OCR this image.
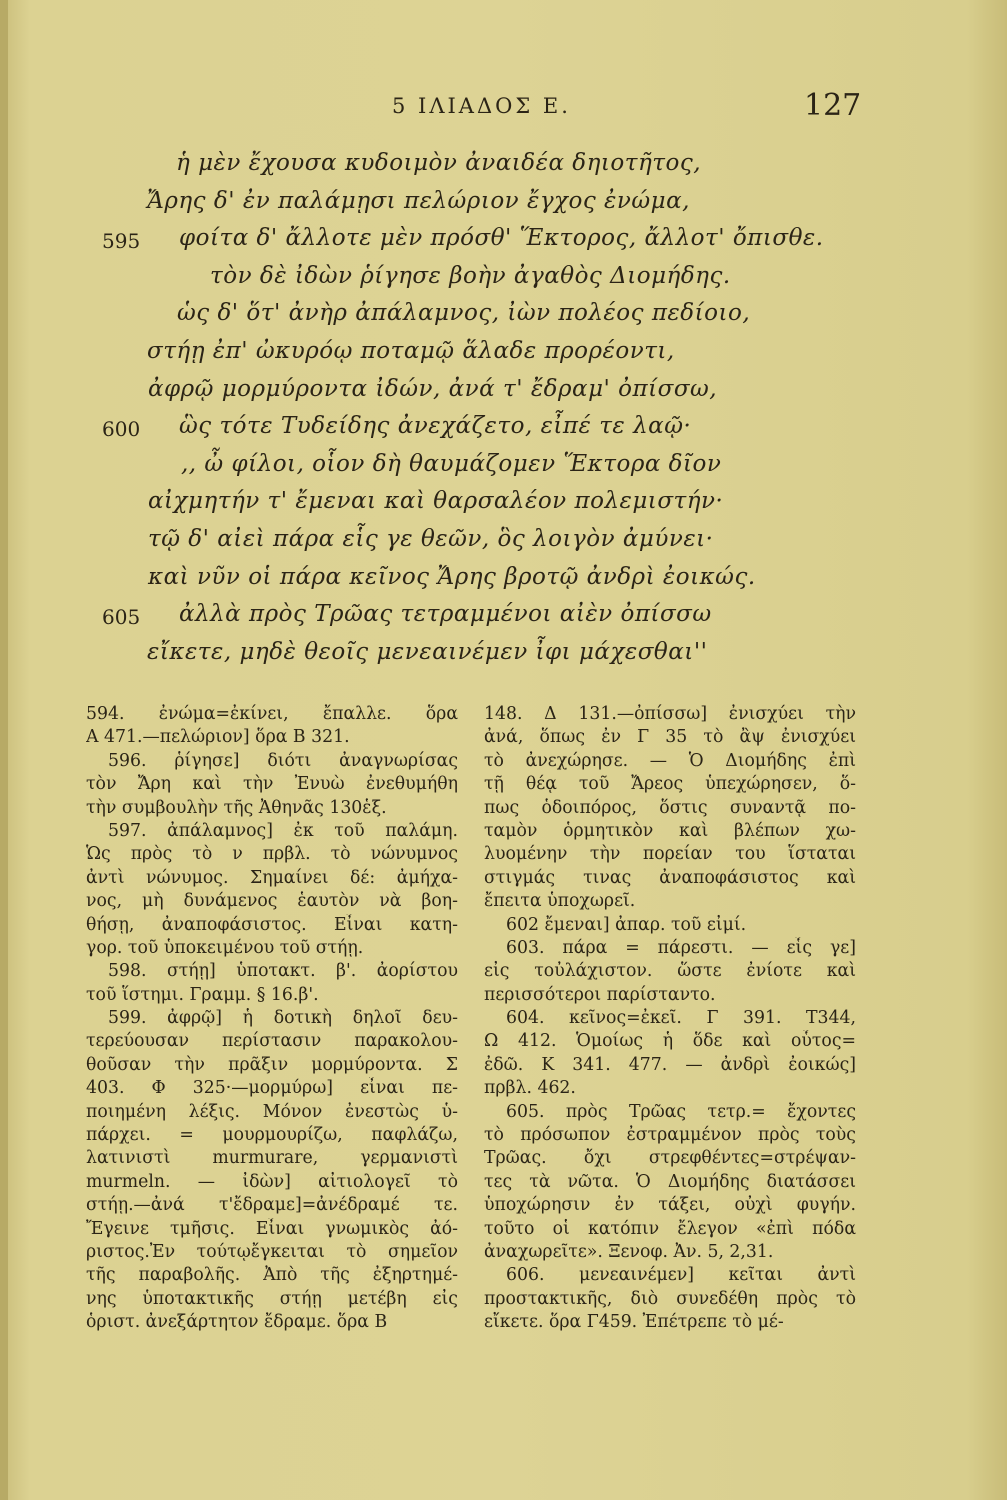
5 ΙΛΙΑΔΟΣ Ε.	127
ἡ μὲν ἔχουσα κυδοιμὸν ἀναιδέα δηιοτῆτος,
Ἄρης δ' ἐν παλάμῃσι πελώριον ἔγχος ἐνώμα,
595 φοίτα δ' ἄλλοτε μὲν πρόσθ' Ἕκτορος, ἄλλοτ' ὄπισθε.
τὸν δὲ ἰδὼν ῥίγησε βοὴν ἀγαθὸς Διομήδης.
ὡς δ' ὅτ' ἀνὴρ ἀπάλαμνος, ἰὼν πολέος πεδίοιο,
στήῃ ἐπ' ὠκυρόῳ ποταμῷ ἅλαδε προρέοντι,
ἀφρῷ μορμύροντα ἰδών, ἀνά τ' ἔδραμ' ὀπίσσω,
600 ὣς τότε Τυδείδης ἀνεχάζετο, εἶπέ τε λαῷ·
,, ὦ φίλοι, οἷον δὴ θαυμάζομεν Ἕκτορα δῖον
αἰχμητήν τ' ἔμεναι καὶ θαρσαλέον πολεμιστήν·
τῷ δ' αἰεὶ πάρα εἷς γε θεῶν, ὃς λοιγὸν ἀμύνει·
καὶ νῦν οἱ πάρα κεῖνος Ἄρης βροτῷ ἀνδρὶ ἐοικώς.
605 ἀλλὰ πρὸς Τρῶας τετραμμένοι αἰὲν ὀπίσσω
εἴκετε, μηδὲ θεοῖς μενεαινέμεν ἶφι μάχεσθαι''
594. ἐνώμα=ἐκίνει, ἔπαλλε. ὅρα
Α 471.—πελώριον] ὅρα Β 321.
596. ῥίγησε] διότι ἀναγνωρίσας
τὸν Ἄρη καὶ τὴν Ἐνυὼ ἐνεθυμήθη
τὴν συμβουλὴν τῆς Ἀθηνᾶς 130ἑξ.
597. ἀπάλαμνος] ἐκ τοῦ παλάμη.
Ὡς πρὸς τὸ ν πρβλ. τὸ νώνυμνος
ἀντὶ νώνυμος. Σημαίνει δέ: ἀμήχα-
νος, μὴ δυνάμενος ἑαυτὸν νὰ βοη-
θήσῃ, ἀναποφάσιστος. Εἶναι κατη-
γορ. τοῦ ὑποκειμένου τοῦ στήῃ.
598. στήῃ] ὑποτακτ. β'. ἀορίστου
τοῦ ἵστημι. Γραμμ. § 16.β'.
599. ἀφρῷ] ἡ δοτικὴ δηλοῖ δευ-
τερεύουσαν περίστασιν παρακολου-
θοῦσαν τὴν πρᾶξιν μορμύροντα. Σ
403. Φ 325·—μορμύρω] εἶναι πε-
ποιημένη λέξις. Μόνον ἐνεστὼς ὑ-
πάρχει. = μουρμουρίζω, παφλάζω,
λατινιστὶ murmurare, γερμανιστὶ
murmeln. — ἰδὼν] αἰτιολογεῖ τὸ
στήῃ.—ἀνά τ'ἔδραμε]=ἀνέδραμέ τε.
Ἔγεινε τμῆσις. Εἶναι γνωμικὸς ἀό-
ριστος.Ἐν τούτῳἔγκειται τὸ σημεῖον
τῆς παραβολῆς. Ἀπὸ τῆς ἐξηρτημέ-
νης ὑποτακτικῆς στήῃ μετέβη εἰς
ὁριστ. ἀνεξάρτητον ἔδραμε. ὅρα Β
148. Δ 131.—ὀπίσσω] ἐνισχύει τὴν
ἀνά, ὅπως ἐν Γ 35 τὸ ἂψ ἐνισχύει
τὸ ἀνεχώρησε. — Ὁ Διομήδης ἐπὶ
τῇ θέᾳ τοῦ Ἄρεος ὑπεχώρησεν, ὅ-
πως ὁδοιπόρος, ὅστις συναντᾷ πο-
ταμὸν ὁρμητικὸν καὶ βλέπων χω-
λυομένην τὴν πορείαν του ἵσταται
στιγμάς τινας ἀναποφάσιστος καὶ
ἔπειτα ὑποχωρεῖ.
602 ἔμεναι] ἀπαρ. τοῦ εἰμί.
603. πάρα = πάρεστι. — εἷς γε]
εἰς τοὐλάχιστον. ὥστε ἐνίοτε καὶ
περισσότεροι παρίσταντο.
604. κεῖνος=ἐκεῖ. Γ 391. Τ344,
Ω 412. Ὁμοίως ἡ ὅδε καὶ οὗτος=
ἐδῶ. Κ 341. 477. — ἀνδρὶ ἐοικώς]
πρβλ. 462.
605. πρὸς Τρῶας τετρ.= ἔχοντες
τὸ πρόσωπον ἐστραμμένον πρὸς τοὺς
Τρῶας. ὄχι στρεφθέντες=στρέψαν-
τες τὰ νῶτα. Ὁ Διομήδης διατάσσει
ὑποχώρησιν ἐν τάξει, οὐχὶ φυγήν.
τοῦτο οἱ κατόπιν ἔλεγον «ἐπὶ πόδα
ἀναχωρεῖτε». Ξενοφ. Ἀν. 5, 2,31.
606. μενεαινέμεν] κεῖται ἀντὶ
προστακτικῆς, διὸ συνεδέθη πρὸς τὸ
εἴκετε. ὅρα Γ459. Ἐπέτρεπε τὸ μέ-
